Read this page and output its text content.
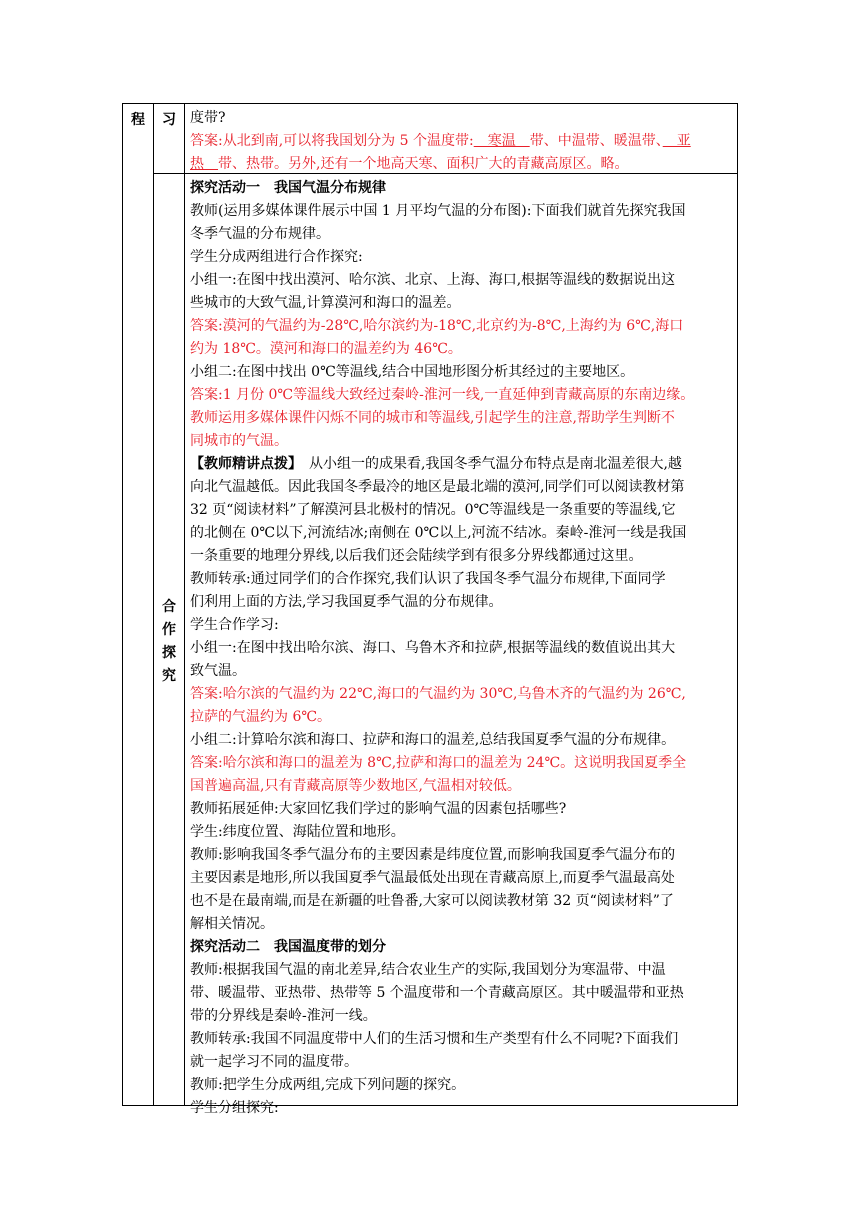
程	习
合
作
探
究
度带?
答案:从北到南,可以将我国划分为 5 个温度带:　寒温　带、中温带、暖温带、　亚
热　带、热带。另外,还有一个地高天寒、面积广大的青藏高原区。略。
探究活动一　我国气温分布规律
教师(运用多媒体课件展示中国 1 月平均气温的分布图):下面我们就首先探究我国
冬季气温的分布规律。
学生分成两组进行合作探究:
小组一:在图中找出漠河、哈尔滨、北京、上海、海口,根据等温线的数据说出这
些城市的大致气温,计算漠河和海口的温差。
答案:漠河的气温约为-28℃,哈尔滨约为-18℃,北京约为-8℃,上海约为 6℃,海口
约为 18℃。漠河和海口的温差约为 46℃。
小组二:在图中找出 0℃等温线,结合中国地形图分析其经过的主要地区。
答案:1 月份 0℃等温线大致经过秦岭-淮河一线,一直延伸到青藏高原的东南边缘。
教师运用多媒体课件闪烁不同的城市和等温线,引起学生的注意,帮助学生判断不
同城市的气温。
【教师精讲点拨】　从小组一的成果看,我国冬季气温分布特点是南北温差很大,越
向北气温越低。因此我国冬季最冷的地区是最北端的漠河,同学们可以阅读教材第
32 页“阅读材料”了解漠河县北极村的情况。0℃等温线是一条重要的等温线,它
的北侧在 0℃以下,河流结冰;南侧在 0℃以上,河流不结冰。秦岭-淮河一线是我国
一条重要的地理分界线,以后我们还会陆续学到有很多分界线都通过这里。
教师转承:通过同学们的合作探究,我们认识了我国冬季气温分布规律,下面同学
们利用上面的方法,学习我国夏季气温的分布规律。
学生合作学习:
小组一:在图中找出哈尔滨、海口、乌鲁木齐和拉萨,根据等温线的数值说出其大
致气温。
答案:哈尔滨的气温约为 22℃,海口的气温约为 30℃,乌鲁木齐的气温约为 26℃,
拉萨的气温约为 6℃。
小组二:计算哈尔滨和海口、拉萨和海口的温差,总结我国夏季气温的分布规律。
答案:哈尔滨和海口的温差为 8℃,拉萨和海口的温差为 24℃。这说明我国夏季全
国普遍高温,只有青藏高原等少数地区,气温相对较低。
教师拓展延伸:大家回忆我们学过的影响气温的因素包括哪些?
学生:纬度位置、海陆位置和地形。
教师:影响我国冬季气温分布的主要因素是纬度位置,而影响我国夏季气温分布的
主要因素是地形,所以我国夏季气温最低处出现在青藏高原上,而夏季气温最高处
也不是在最南端,而是在新疆的吐鲁番,大家可以阅读教材第 32 页“阅读材料”了
解相关情况。
探究活动二　我国温度带的划分
教师:根据我国气温的南北差异,结合农业生产的实际,我国划分为寒温带、中温
带、暖温带、亚热带、热带等 5 个温度带和一个青藏高原区。其中暖温带和亚热
带的分界线是秦岭-淮河一线。
教师转承:我国不同温度带中人们的生活习惯和生产类型有什么不同呢?下面我们
就一起学习不同的温度带。
教师:把学生分成两组,完成下列问题的探究。
学生分组探究:
